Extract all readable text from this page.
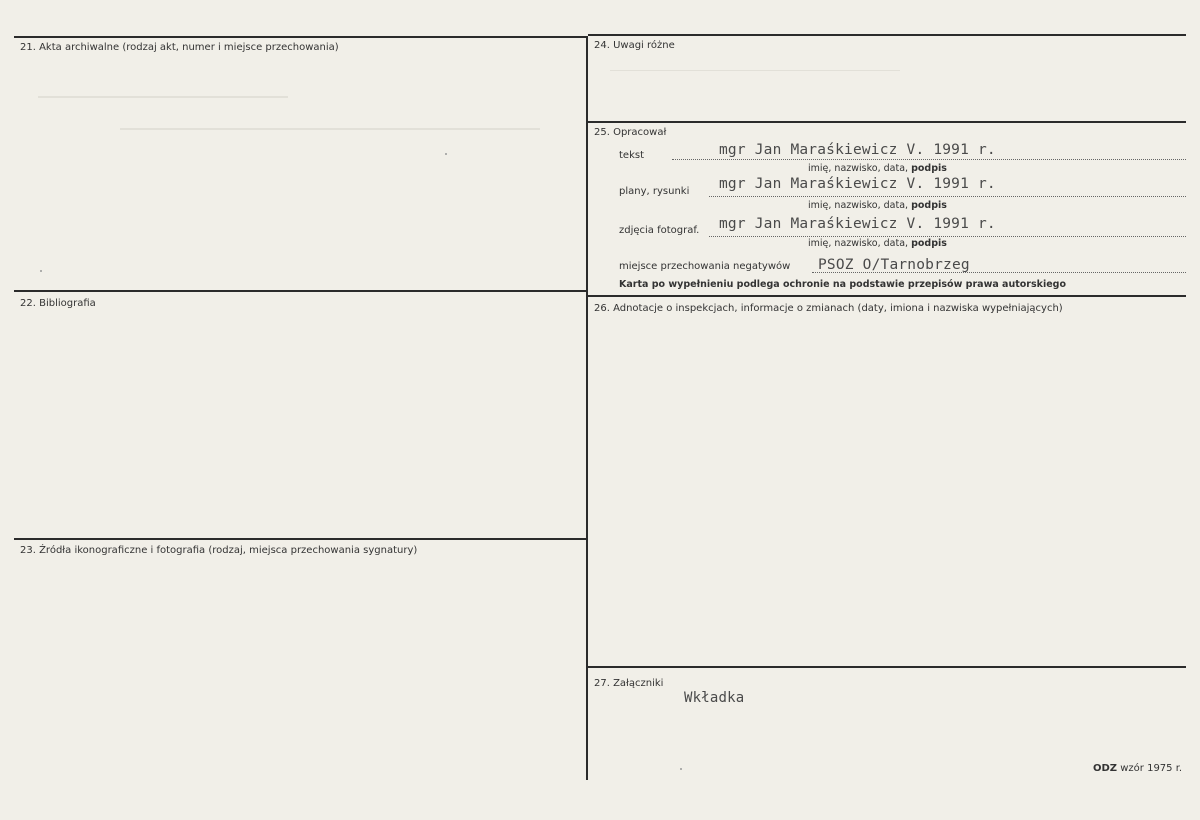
21. Akta archiwalne (rodzaj akt, numer i miejsce przechowania)
22. Bibliografia
23. Źródła ikonograficzne i fotografia (rodzaj, miejsca przechowania sygnatury)
24. Uwagi różne
25. Opracował
tekst	mgr Jan Maraśkiewicz V. 1991 r.
imię, nazwisko, data, podpis
plany, rysunki mgr Jan Maraśkiewicz V. 1991 r.
imię, nazwisko, data, podpis
zdjęcia fotograf. mgr Jan Maraśkiewicz V. 1991 r.
imię, nazwisko, data, podpis
miejsce przechowania negatywów PSOZ O/Tarnobrzeg
Karta po wypełnieniu podlega ochronie na podstawie przepisów prawa autorskiego
26. Adnotacje o inspekcjach, informacje o zmianach (daty, imiona i nazwiska wypełniających)
27. Załączniki
Wkładka
ODZ wzór 1975 r.
